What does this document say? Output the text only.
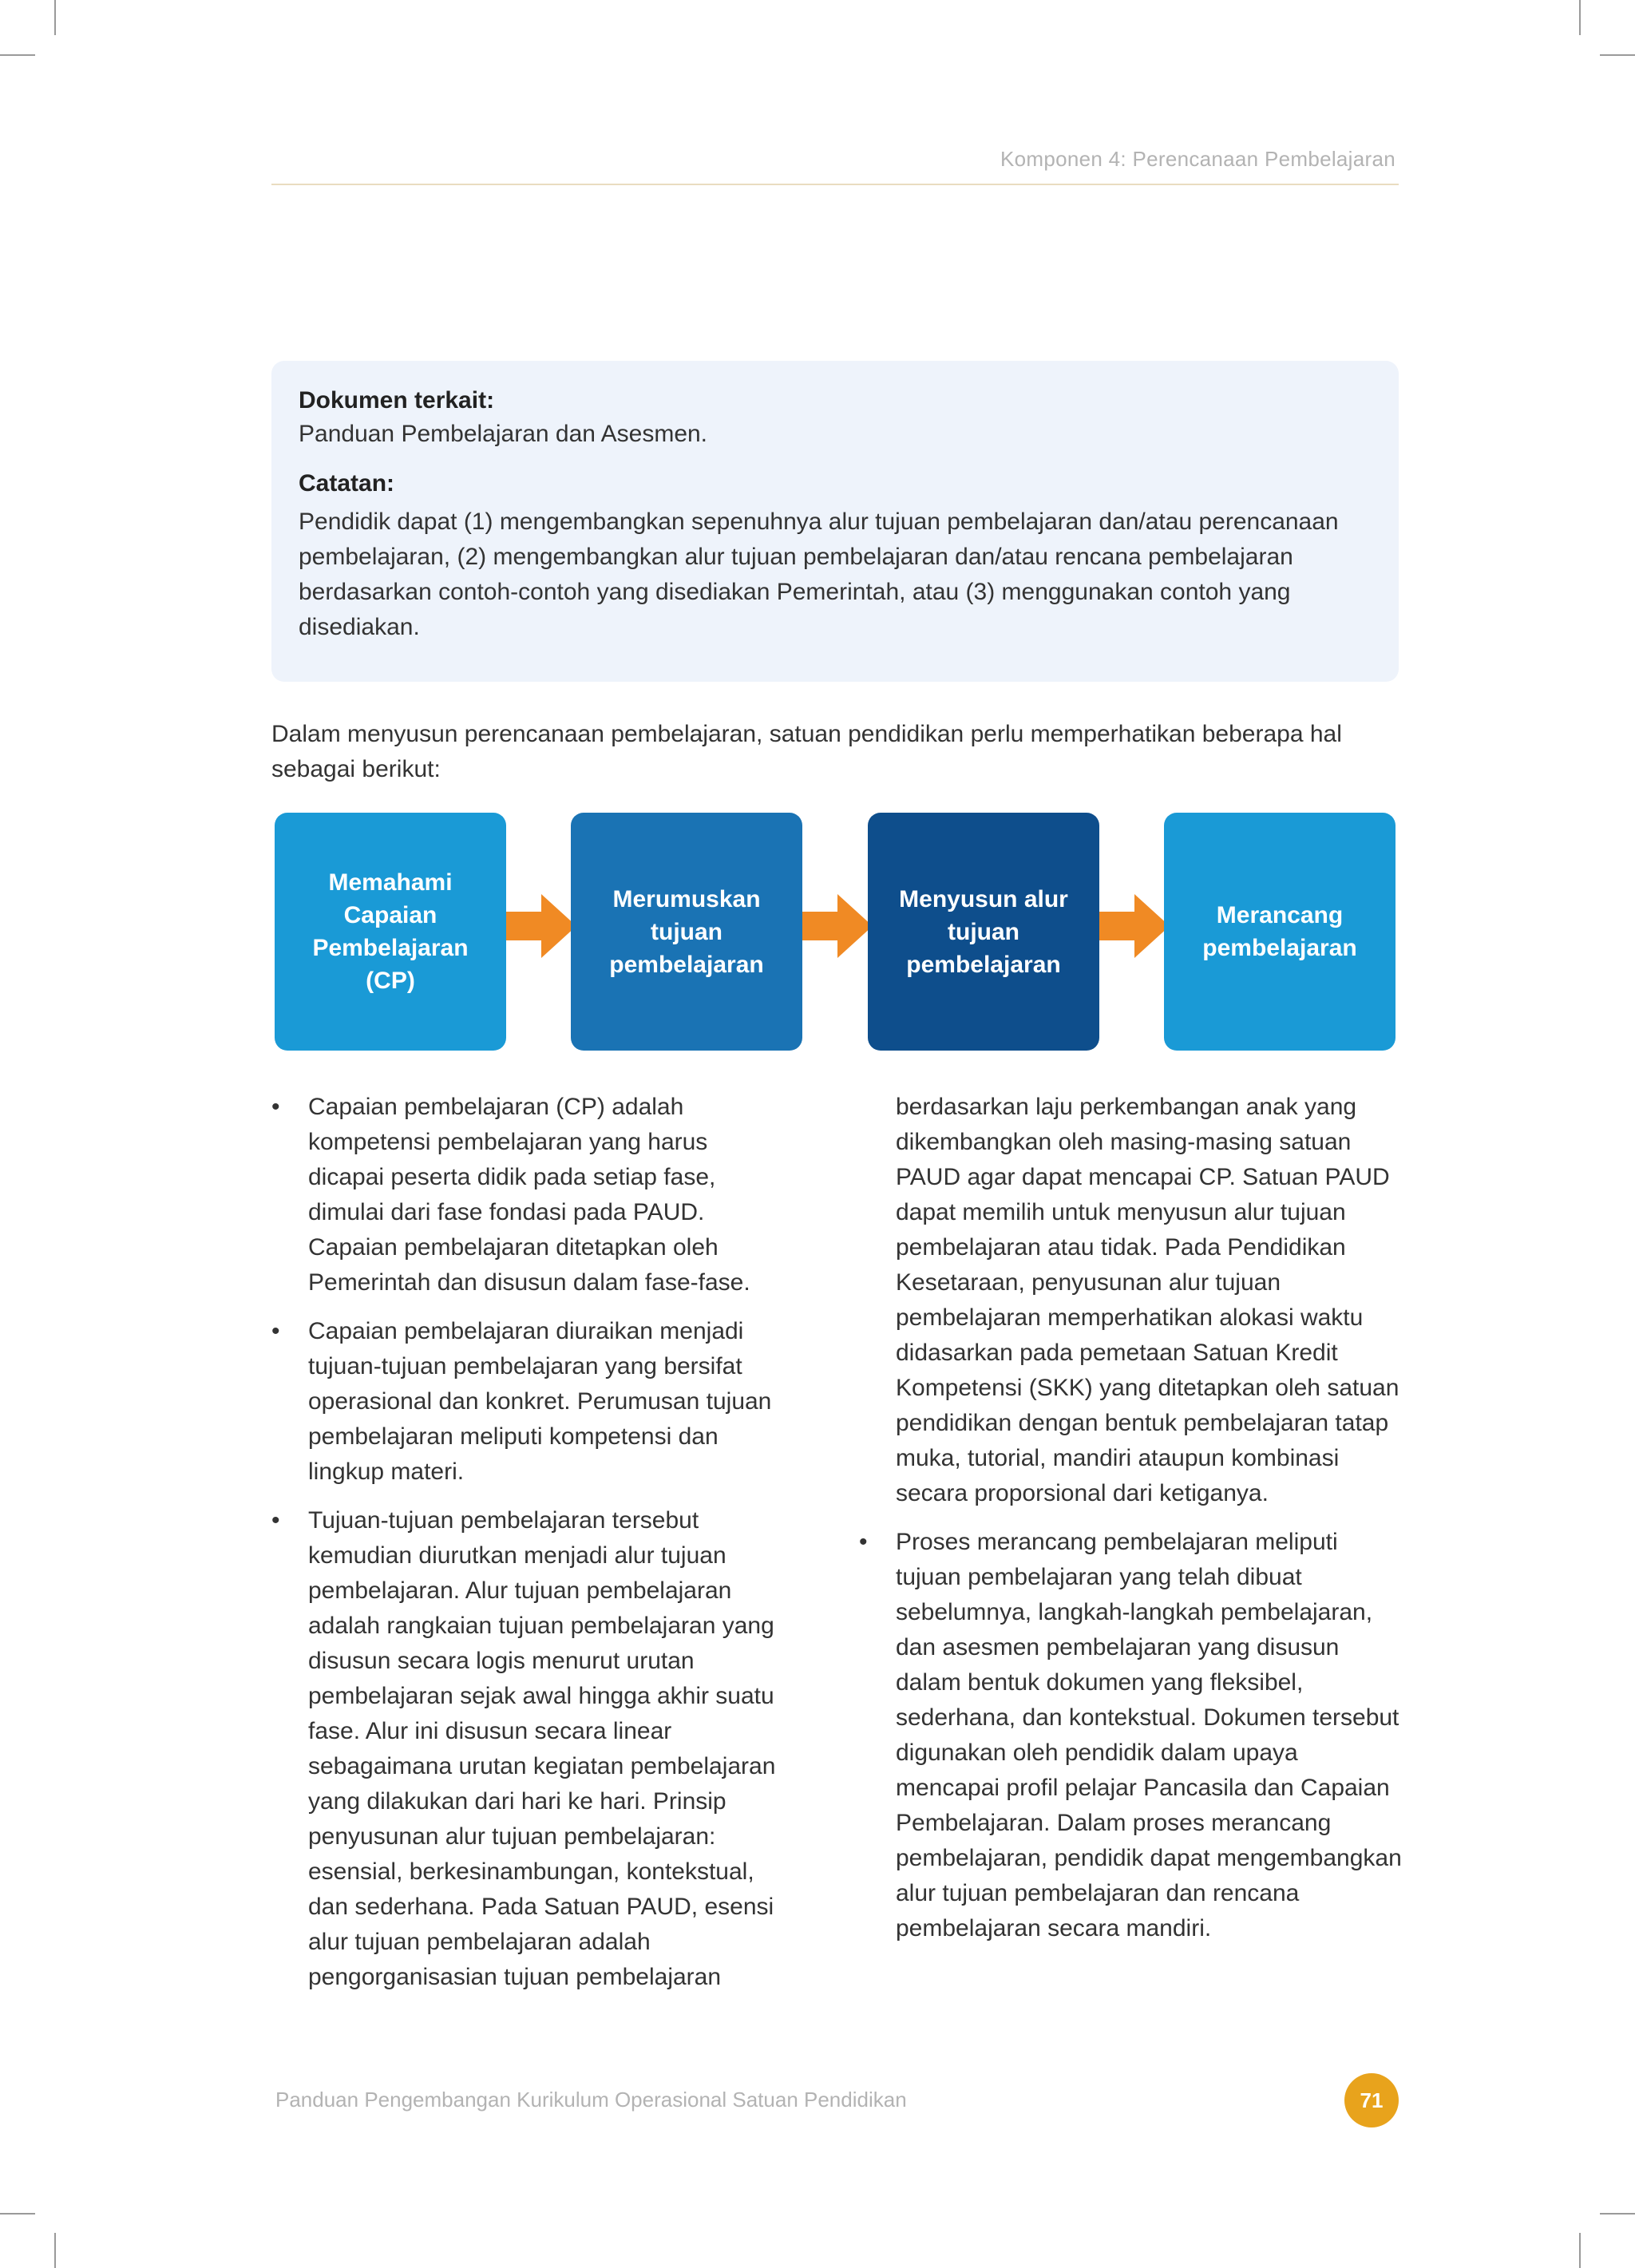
Komponen 4: Perencanaan Pembelajaran
Dokumen terkait:
Panduan Pembelajaran dan Asesmen.
Catatan:
Pendidik dapat (1) mengembangkan sepenuhnya alur tujuan pembelajaran dan/atau perencanaan pembelajaran, (2) mengembangkan alur tujuan pembelajaran dan/atau rencana pembelajaran berdasarkan contoh-contoh yang disediakan Pemerintah, atau (3) menggunakan contoh yang disediakan.
Dalam menyusun perencanaan pembelajaran, satuan pendidikan perlu memperhatikan beberapa hal sebagai berikut:
Memahami Capaian Pembelajaran (CP)
Merumuskan tujuan pembelajaran
Menyusun alur tujuan pembelajaran
Merancang pembelajaran
• Capaian pembelajaran (CP) adalah kompetensi pembelajaran yang harus dicapai peserta didik pada setiap fase, dimulai dari fase fondasi pada PAUD. Capaian pembelajaran ditetapkan oleh Pemerintah dan disusun dalam fase-fase.
• Capaian pembelajaran diuraikan menjadi tujuan-tujuan pembelajaran yang bersifat operasional dan konkret. Perumusan tujuan pembelajaran meliputi kompetensi dan lingkup materi.
• Tujuan-tujuan pembelajaran tersebut kemudian diurutkan menjadi alur tujuan pembelajaran. Alur tujuan pembelajaran adalah rangkaian tujuan pembelajaran yang disusun secara logis menurut urutan pembelajaran sejak awal hingga akhir suatu fase. Alur ini disusun secara linear sebagaimana urutan kegiatan pembelajaran yang dilakukan dari hari ke hari. Prinsip penyusunan alur tujuan pembelajaran: esensial, berkesinambungan, kontekstual, dan sederhana. Pada Satuan PAUD, esensi alur tujuan pembelajaran adalah pengorganisasian tujuan pembelajaran
berdasarkan laju perkembangan anak yang dikembangkan oleh masing-masing satuan PAUD agar dapat mencapai CP. Satuan PAUD dapat memilih untuk menyusun alur tujuan pembelajaran atau tidak. Pada Pendidikan Kesetaraan, penyusunan alur tujuan pembelajaran memperhatikan alokasi waktu didasarkan pada pemetaan Satuan Kredit Kompetensi (SKK) yang ditetapkan oleh satuan pendidikan dengan bentuk pembelajaran tatap muka, tutorial, mandiri ataupun kombinasi secara proporsional dari ketiganya.
• Proses merancang pembelajaran meliputi tujuan pembelajaran yang telah dibuat sebelumnya, langkah-langkah pembelajaran, dan asesmen pembelajaran yang disusun dalam bentuk dokumen yang fleksibel, sederhana, dan kontekstual. Dokumen tersebut digunakan oleh pendidik dalam upaya mencapai profil pelajar Pancasila dan Capaian Pembelajaran. Dalam proses merancang pembelajaran, pendidik dapat mengembangkan alur tujuan pembelajaran dan rencana pembelajaran secara mandiri.
Panduan Pengembangan Kurikulum Operasional Satuan Pendidikan	71
